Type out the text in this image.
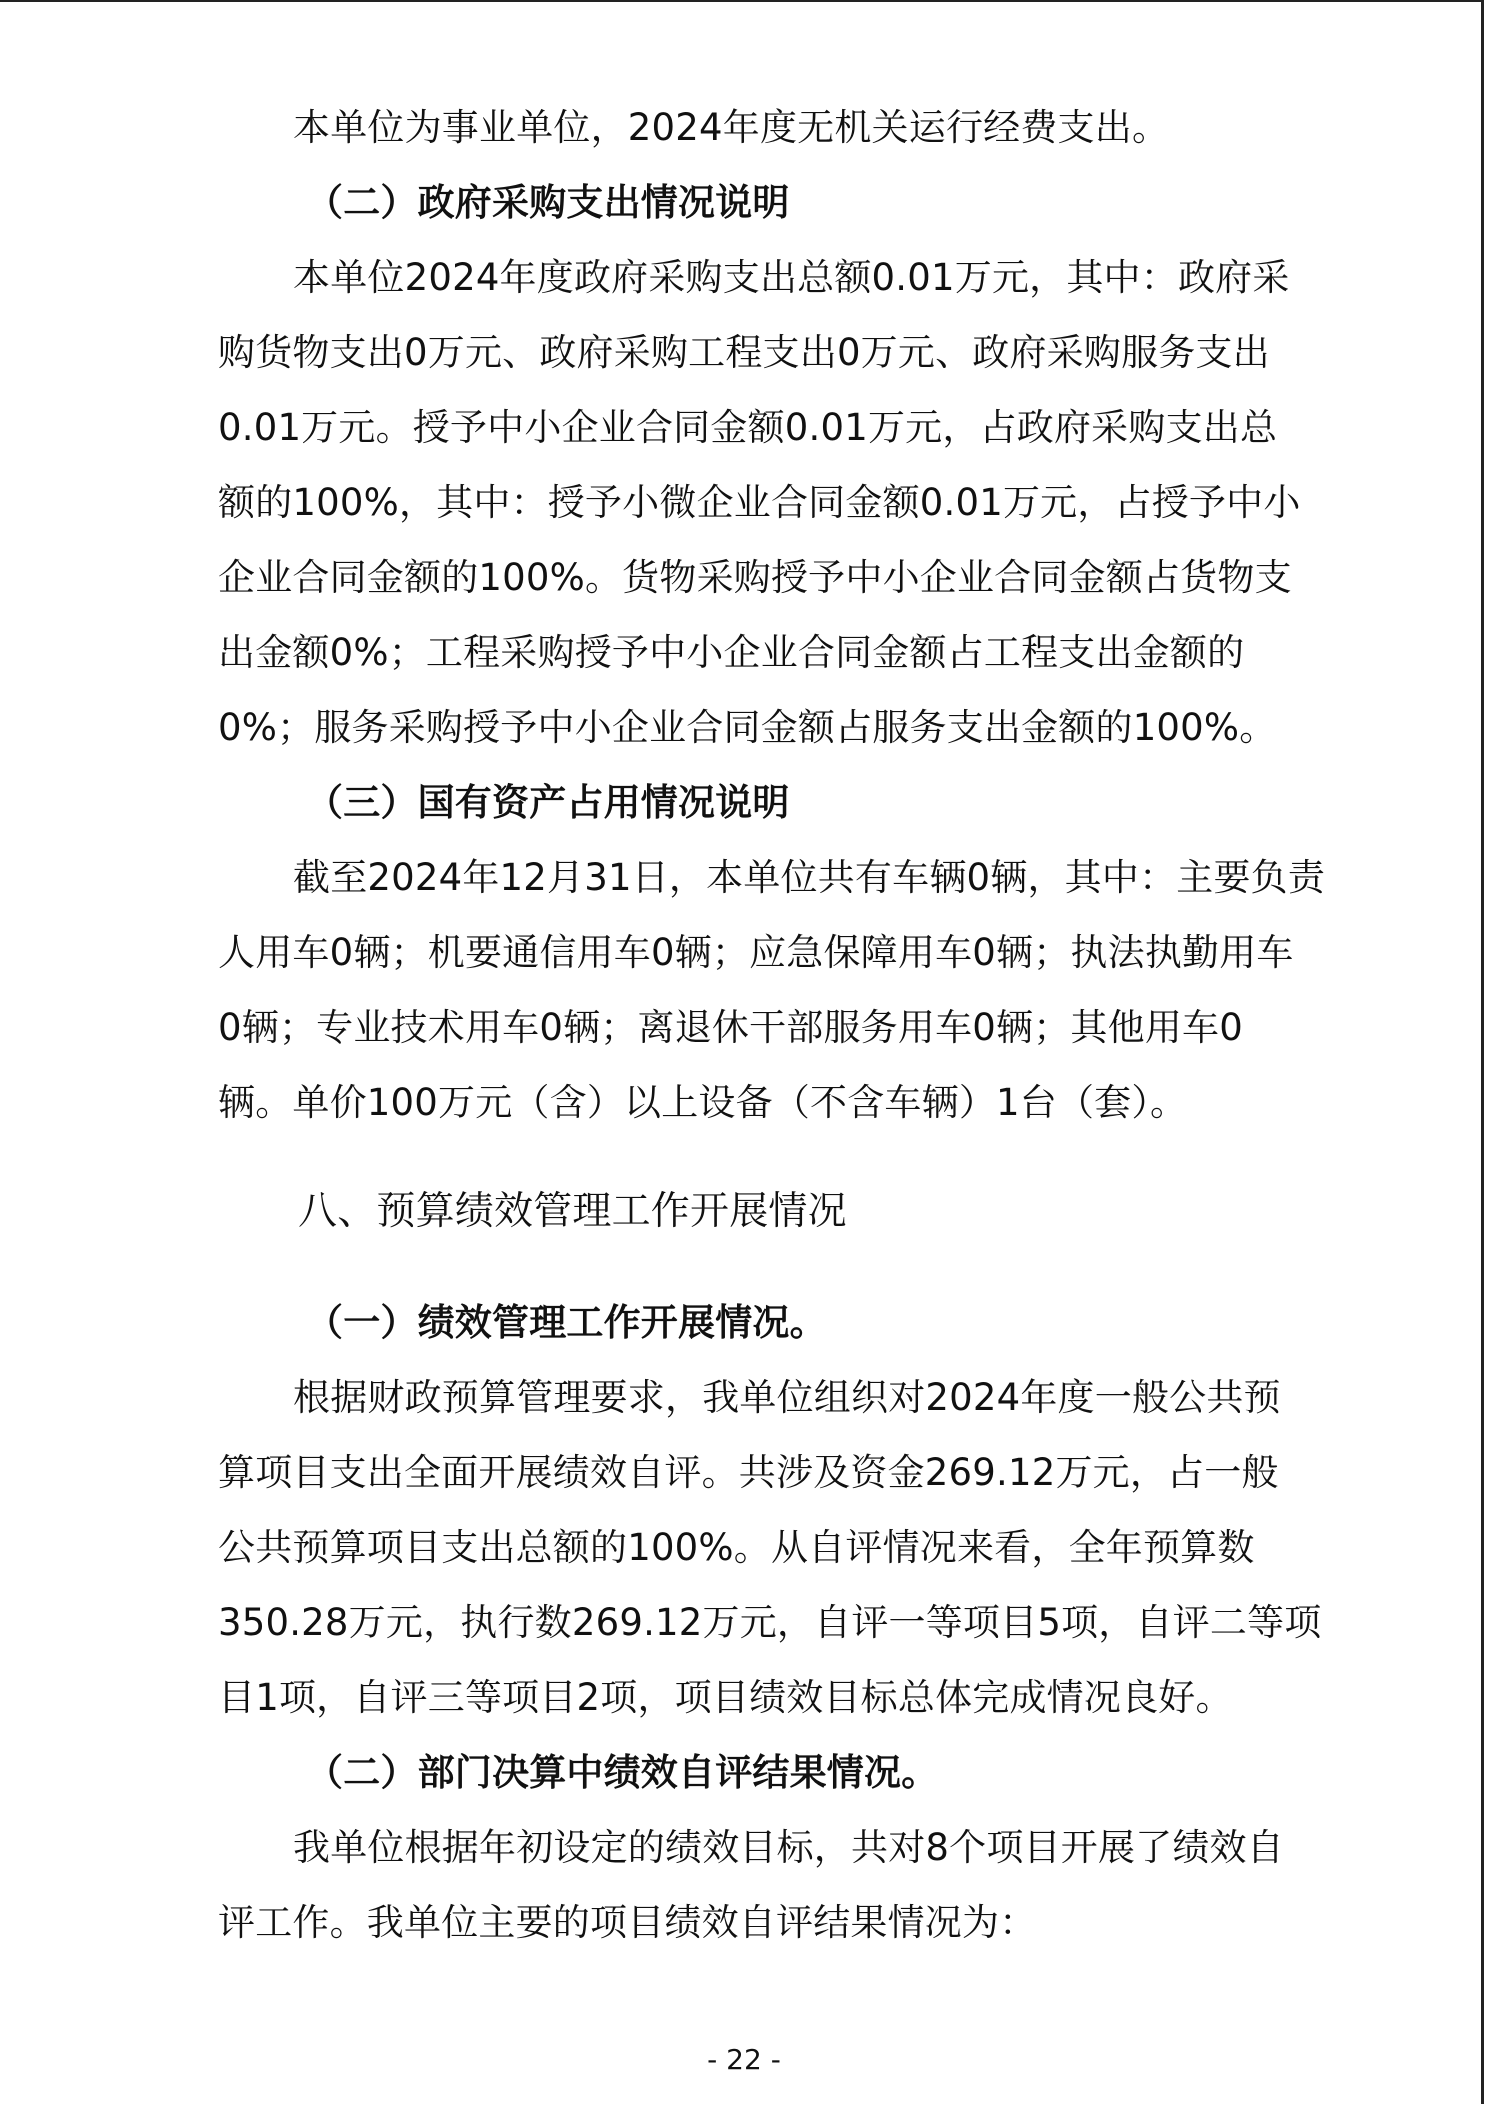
本单位为事业单位，2024年度无机关运行经费支出。
（二）政府采购支出情况说明
本单位2024年度政府采购支出总额0.01万元，其中：政府采
购货物支出0万元、政府采购工程支出0万元、政府采购服务支出
0.01万元。授予中小企业合同金额0.01万元，占政府采购支出总
额的100%，其中：授予小微企业合同金额0.01万元，占授予中小
企业合同金额的100%。货物采购授予中小企业合同金额占货物支
出金额0%；工程采购授予中小企业合同金额占工程支出金额的
0%；服务采购授予中小企业合同金额占服务支出金额的100%。
（三）国有资产占用情况说明
截至2024年12月31日，本单位共有车辆0辆，其中：主要负责
人用车0辆；机要通信用车0辆；应急保障用车0辆；执法执勤用车
0辆；专业技术用车0辆；离退休干部服务用车0辆；其他用车0
辆。单价100万元（含）以上设备（不含车辆）1台（套）。
八、预算绩效管理工作开展情况
（一）绩效管理工作开展情况。
根据财政预算管理要求，我单位组织对2024年度一般公共预
算项目支出全面开展绩效自评。共涉及资金269.12万元，占一般
公共预算项目支出总额的100%。从自评情况来看，全年预算数
350.28万元，执行数269.12万元，自评一等项目5项，自评二等项
目1项，自评三等项目2项，项目绩效目标总体完成情况良好。
（二）部门决算中绩效自评结果情况。
我单位根据年初设定的绩效目标，共对8个项目开展了绩效自
评工作。我单位主要的项目绩效自评结果情况为：
- 22 -
